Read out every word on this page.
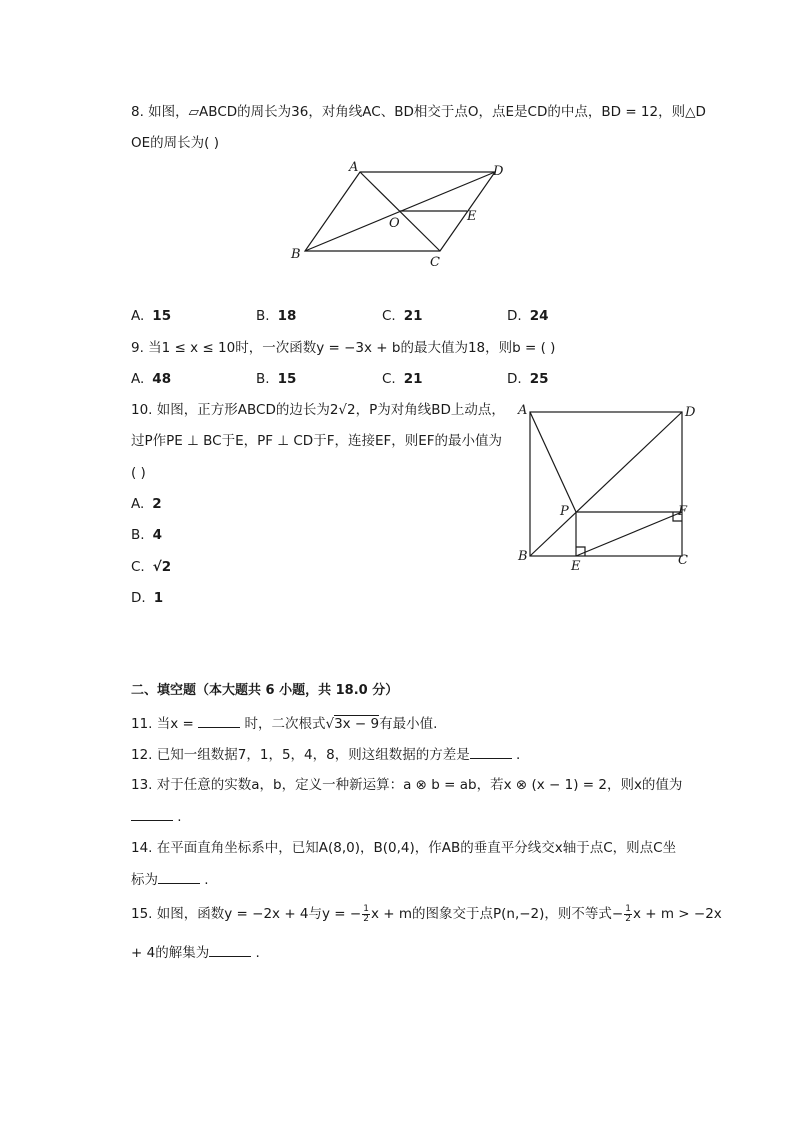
8. 如图，▱ABCD的周长为36，对角线AC、BD相交于点O，点E是CD的中点，BD = 12，则△D
OE的周长为( )
A	D
B
C
O	E
A. 15	B. 18	C. 21	D. 24
9. 当1 ≤ x ≤ 10时，一次函数y = −3x + b的最大值为18，则b = ( )
A. 48	B. 15	C. 21	D. 25
10. 如图，正方形ABCD的边长为2√2，P为对角线BD上动点，
过P作PE ⊥ BC于E，PF ⊥ CD于F，连接EF，则EF的最小值为
( )
A	D
B	C
P	F
E
A. 2
B. 4
C. √2
D. 1
二、填空题（本大题共 6 小题，共 18.0 分）
11. 当x =	时，二次根式√3x − 9有最小值.
12. 已知一组数据7，1，5，4，8，则这组数据的方差是	.
13. 对于任意的实数a，b，定义一种新运算：a ⊗ b = ab，若x ⊗ (x − 1) = 2，则x的值为
.
14. 在平面直角坐标系中，已知A(8,0)，B(0,4)，作AB的垂直平分线交x轴于点C，则点C坐
标为	.
15. 如图，函数y = −2x + 4与y = − $\frac{1}{2}$ x + m的图象交于点P(n,−2)，则不等式− $\frac{1}{2}$ x + m > −2x
+ 4的解集为	.
